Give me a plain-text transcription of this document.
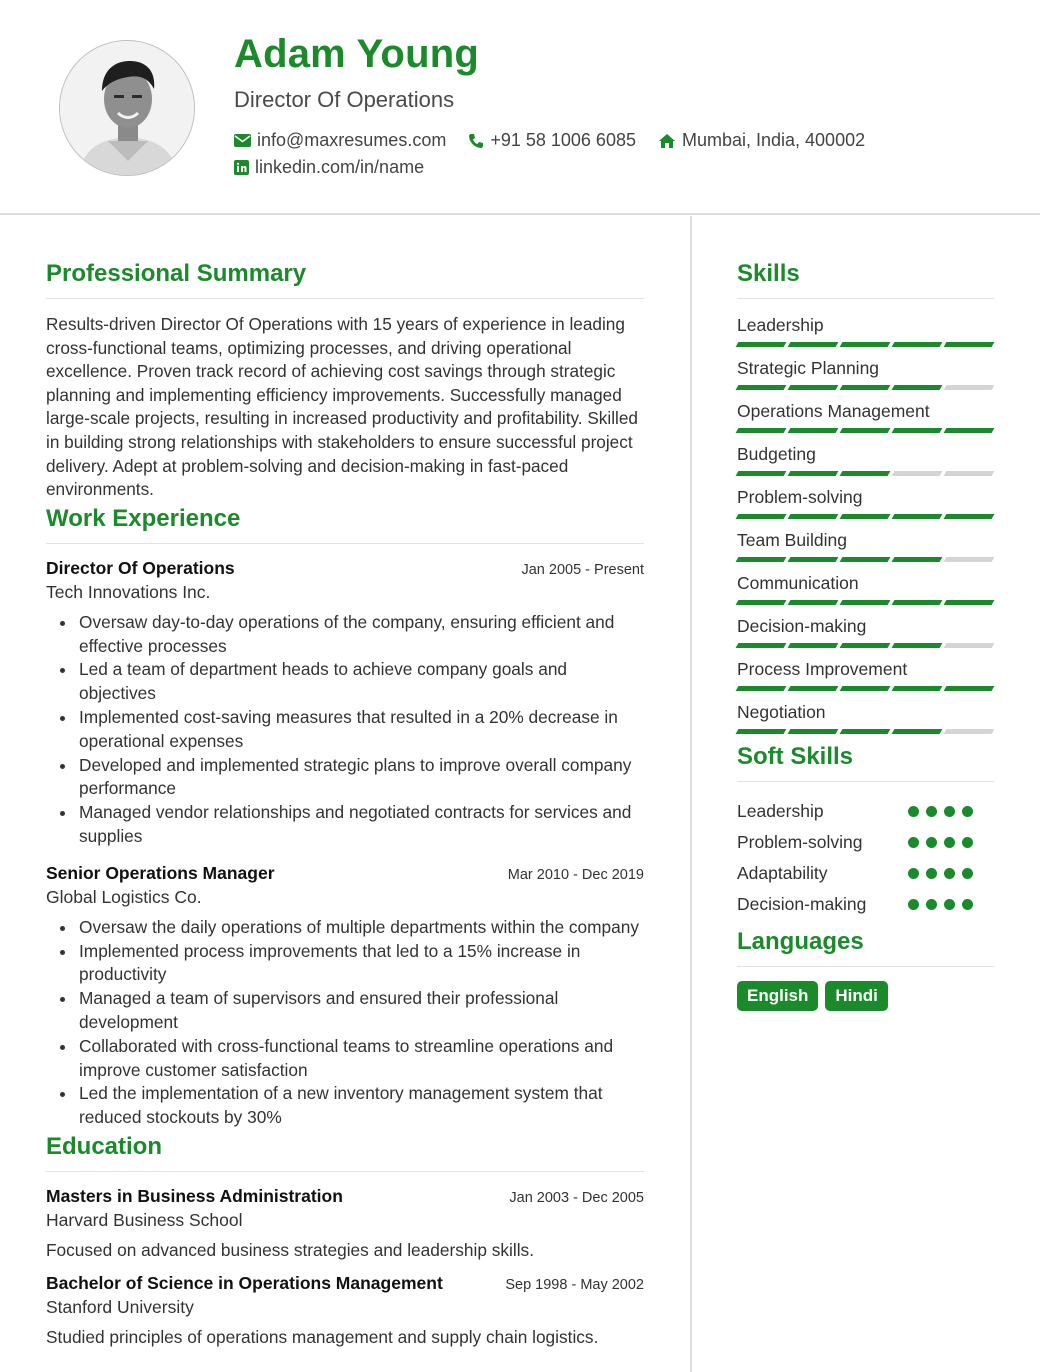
Adam Young
Director Of Operations
info@maxresumes.com +91 58 1006 6085	Mumbai, India, 400002
linkedin.com/in/name
Professional Summary
Results-driven Director Of Operations with 15 years of experience in leading cross-functional teams, optimizing processes, and driving operational excellence. Proven track record of achieving cost savings through strategic planning and implementing efficiency improvements. Successfully managed large-scale projects, resulting in increased productivity and profitability. Skilled in building strong relationships with stakeholders to ensure successful project delivery. Adept at problem-solving and decision-making in fast-paced environments.
Work Experience
Director Of Operations	Jan 2005 - Present
Tech Innovations Inc.
Oversaw day-to-day operations of the company, ensuring efficient and effective processes
Led a team of department heads to achieve company goals and objectives
Implemented cost-saving measures that resulted in a 20% decrease in operational expenses
Developed and implemented strategic plans to improve overall company performance
Managed vendor relationships and negotiated contracts for services and supplies
Senior Operations Manager	Mar 2010 - Dec 2019
Global Logistics Co.
Oversaw the daily operations of multiple departments within the company
Implemented process improvements that led to a 15% increase in productivity
Managed a team of supervisors and ensured their professional development
Collaborated with cross-functional teams to streamline operations and improve customer satisfaction
Led the implementation of a new inventory management system that reduced stockouts by 30%
Education
Masters in Business Administration	Jan 2003 - Dec 2005
Harvard Business School
Focused on advanced business strategies and leadership skills.
Bachelor of Science in Operations Management	Sep 1998 - May 2002
Stanford University
Studied principles of operations management and supply chain logistics.
Skills
Leadership
Strategic Planning
Operations Management
Budgeting
Problem-solving
Team Building
Communication
Decision-making
Process Improvement
Negotiation
Soft Skills
Leadership
Problem-solving
Adaptability
Decision-making
Languages
English	Hindi
